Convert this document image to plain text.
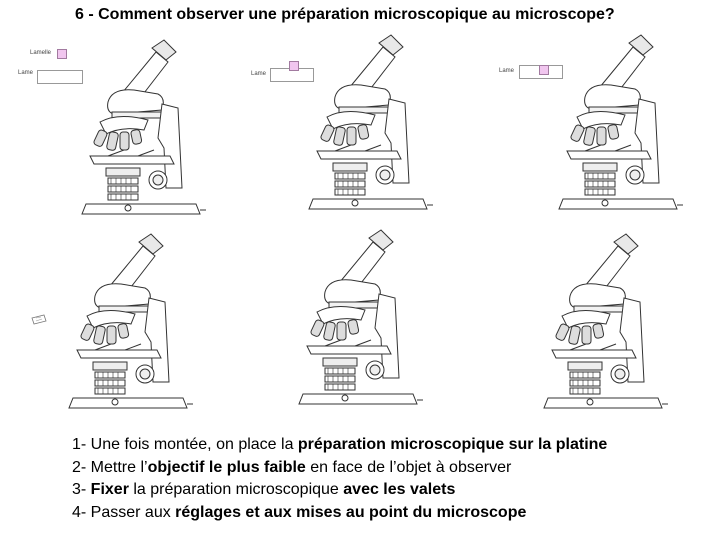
6 - Comment observer une préparation microscopique au microscope?
Lamelle
Lame	Lame	Lame
1- Une fois montée, on place la préparation microscopique sur la platine
2- Mettre l’objectif le plus faible en face de l’objet à observer
3- Fixer la préparation microscopique avec les valets
4- Passer aux réglages et aux mises au point du microscope
